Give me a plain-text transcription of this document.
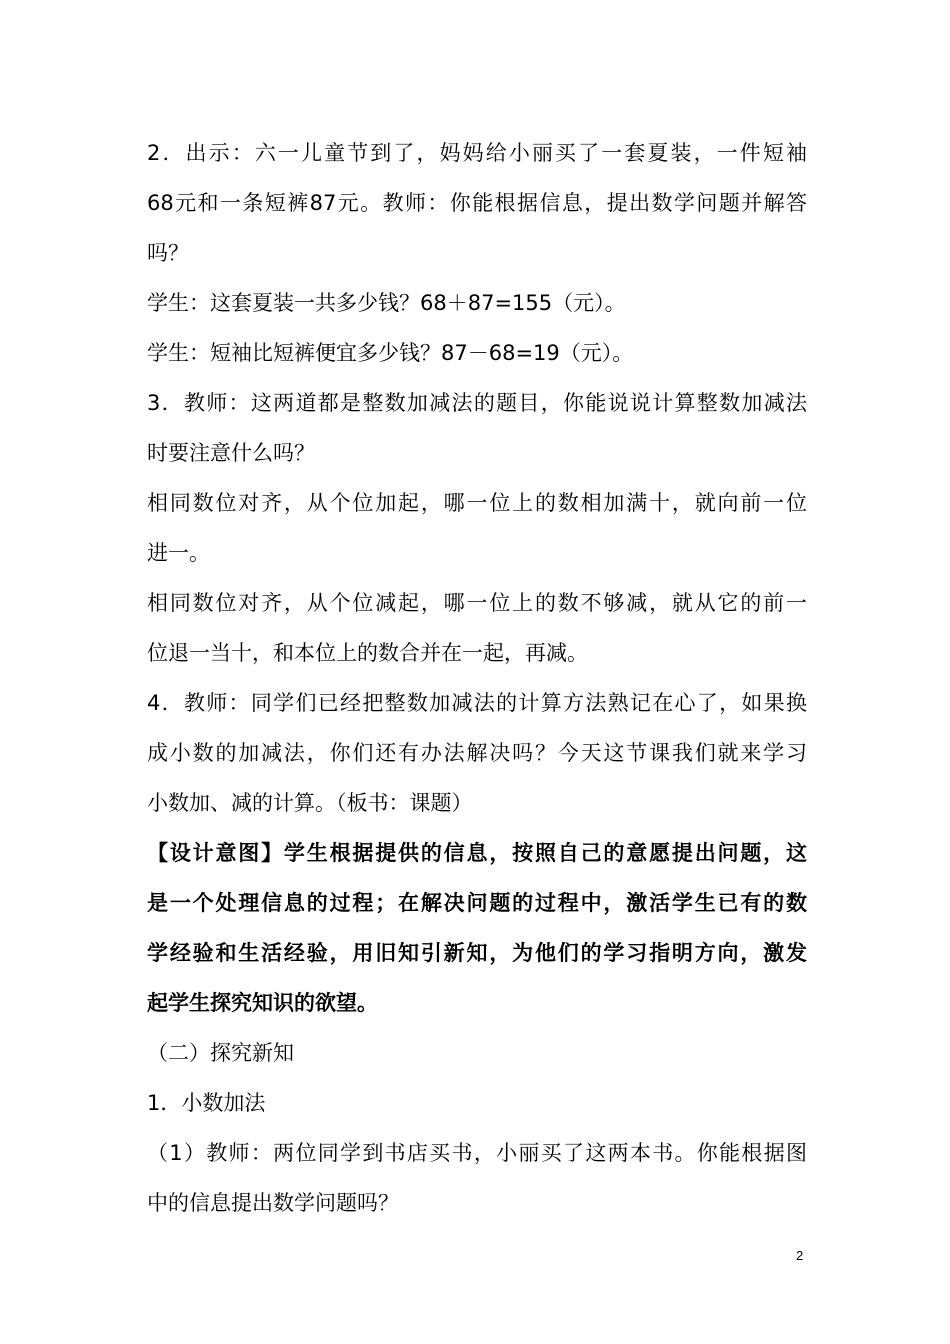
2．出示：六一儿童节到了，妈妈给小丽买了一套夏装，一件短袖
68元和一条短裤87元。教师：你能根据信息，提出数学问题并解答
吗？
学生：这套夏装一共多少钱？68＋87=155（元）。
学生：短袖比短裤便宜多少钱？87－68=19（元）。
3．教师：这两道都是整数加减法的题目，你能说说计算整数加减法
时要注意什么吗？
相同数位对齐，从个位加起，哪一位上的数相加满十，就向前一位
进一。
相同数位对齐，从个位减起，哪一位上的数不够减，就从它的前一
位退一当十，和本位上的数合并在一起，再减。
4．教师：同学们已经把整数加减法的计算方法熟记在心了，如果换
成小数的加减法，你们还有办法解决吗？今天这节课我们就来学习
小数加、减的计算。（板书：课题）
【设计意图】学生根据提供的信息，按照自己的意愿提出问题，这
是一个处理信息的过程；在解决问题的过程中，激活学生已有的数
学经验和生活经验，用旧知引新知，为他们的学习指明方向，激发
起学生探究知识的欲望。
（二）探究新知
1．小数加法
（1）教师：两位同学到书店买书，小丽买了这两本书。你能根据图
中的信息提出数学问题吗？
2
